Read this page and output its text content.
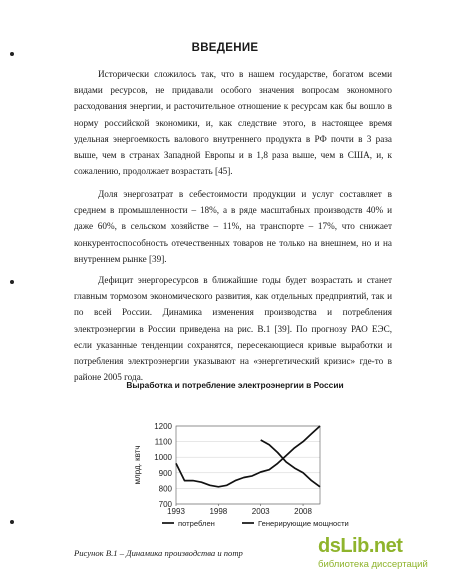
ВВЕДЕНИЕ

Исторически сложилось так, что в нашем государстве, богатом всеми видами ресурсов, не придавали особого значения вопросам экономного расходования энергии, и расточительное отношение к ресурсам как бы вошло в норму российской экономики, и, как следствие этого, в настоящее время удельная энергоемкость валового внутреннего продукта в РФ почти в 3 раза выше, чем в странах Западной Европы и в 1,8 раза выше, чем в США, и, к сожалению, продолжает возрастать [45].

Доля энергозатрат в себестоимости продукции и услуг составляет в среднем в промышленности – 18%, а в ряде масштабных производств 40% и даже 60%, в сельском хозяйстве – 11%, на транспорте – 17%, что снижает конкурентоспособность отечественных товаров не только на внешнем, но и на внутреннем рынке [39].

Дефицит энергоресурсов в ближайшие годы будет возрастать и станет главным тормозом экономического развития, как отдельных предприятий, так и по всей России. Динамика изменения производства и потребления электроэнергии в России приведена на рис. В.1 [39]. По прогнозу РАО ЕЭС, если указанные тенденции сохранятся, пересекающиеся кривые выработки и потребления электроэнергии указывают на «энергетический кризис» где-то в районе 2005 года.

Выработка и потребление электроэнергии в России
700
800
900
1000
1100
1200
1993	1998	2003	2008
млрд. квтч
потреблен	Генерирующие мощности
Рисунок В.1 – Динамика производства и потр	dsLib.net
библиотека диссертаций
